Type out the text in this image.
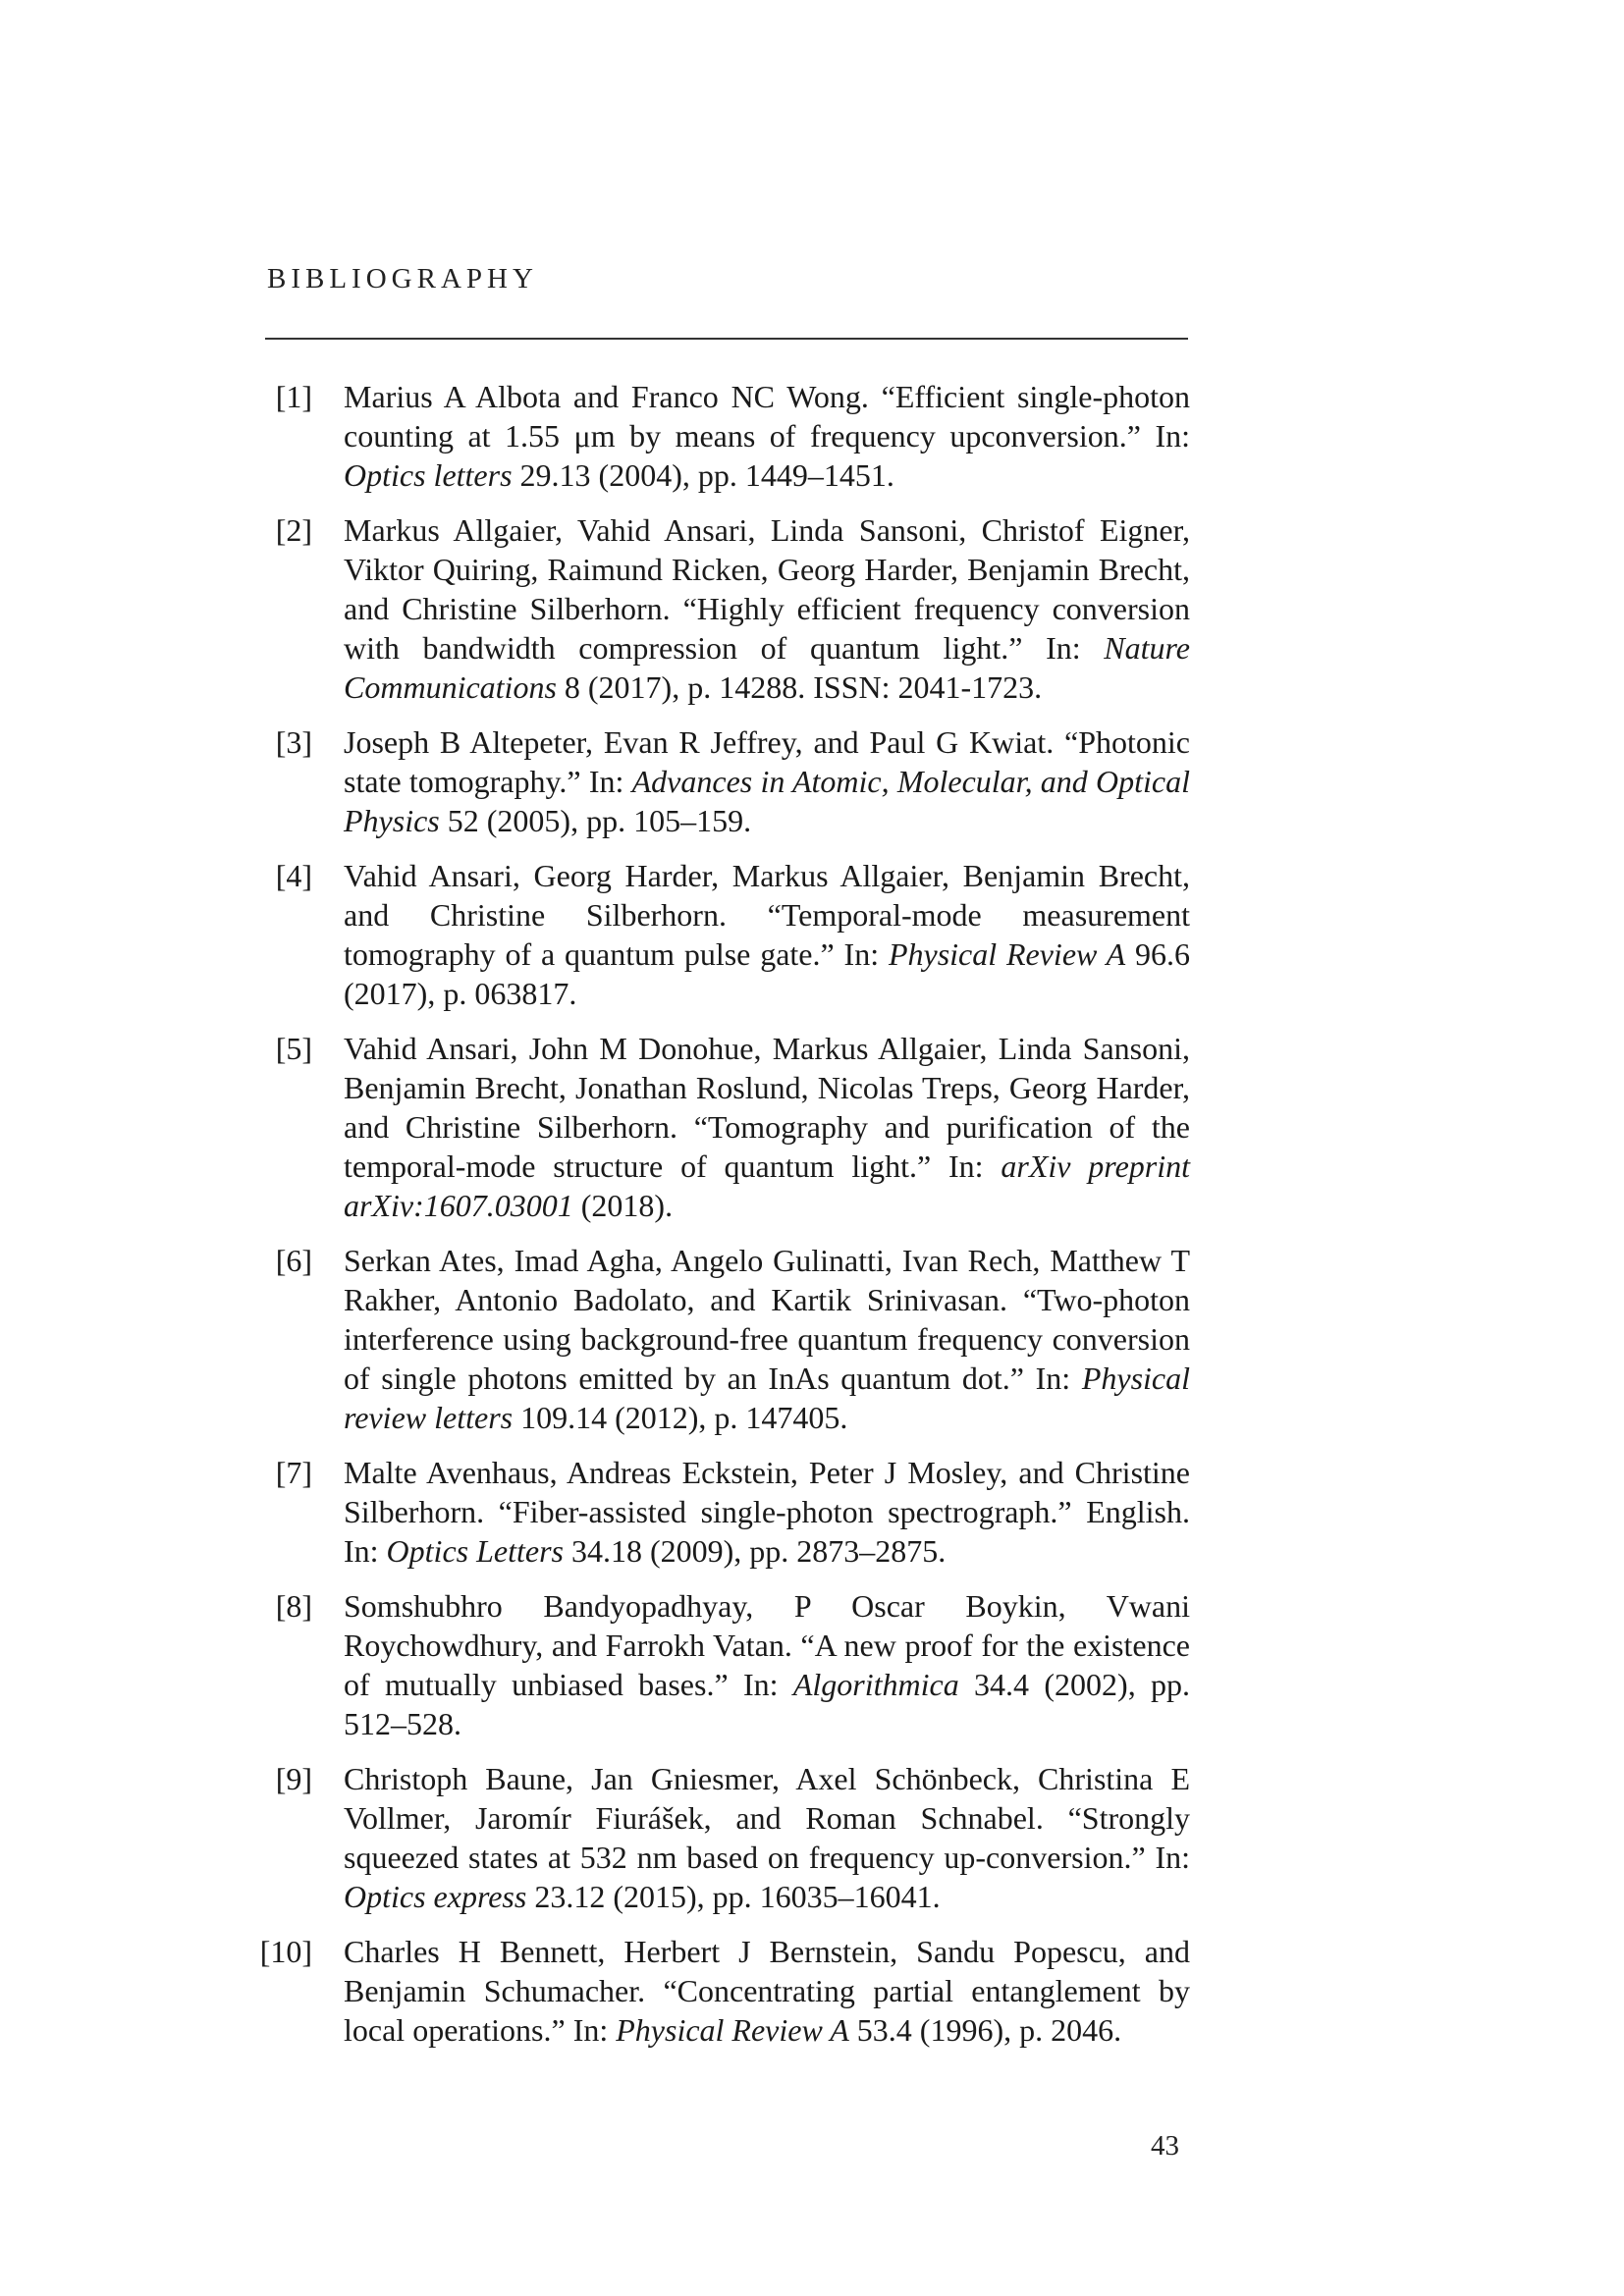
BIBLIOGRAPHY
[1]	Marius A Albota and Franco NC Wong. “Efficient single-photon counting at 1.55 μm by means of frequency upconversion.” In: Optics letters 29.13 (2004), pp. 1449–1451.
[2]	Markus Allgaier, Vahid Ansari, Linda Sansoni, Christof Eigner, Viktor Quiring, Raimund Ricken, Georg Harder, Benjamin Brecht, and Christine Silberhorn. “Highly efficient frequency conversion with bandwidth compression of quantum light.” In: Nature Communications 8 (2017), p. 14288. ISSN: 2041-1723.
[3]	Joseph B Altepeter, Evan R Jeffrey, and Paul G Kwiat. “Photonic state tomography.” In: Advances in Atomic, Molecular, and Optical Physics 52 (2005), pp. 105–159.
[4]	Vahid Ansari, Georg Harder, Markus Allgaier, Benjamin Brecht, and Christine Silberhorn. “Temporal-mode measurement tomography of a quantum pulse gate.” In: Physical Review A 96.6 (2017), p. 063817.
[5]	Vahid Ansari, John M Donohue, Markus Allgaier, Linda Sansoni, Benjamin Brecht, Jonathan Roslund, Nicolas Treps, Georg Harder, and Christine Silberhorn. “Tomography and purification of the temporal-mode structure of quantum light.” In: arXiv preprint arXiv:1607.03001 (2018).
[6]	Serkan Ates, Imad Agha, Angelo Gulinatti, Ivan Rech, Matthew T Rakher, Antonio Badolato, and Kartik Srinivasan. “Two-photon interference using background-free quantum frequency conversion of single photons emitted by an InAs quantum dot.” In: Physical review letters 109.14 (2012), p. 147405.
[7]	Malte Avenhaus, Andreas Eckstein, Peter J Mosley, and Christine Silberhorn. “Fiber-assisted single-photon spectrograph.” English. In: Optics Letters 34.18 (2009), pp. 2873–2875.
[8]	Somshubhro Bandyopadhyay, P Oscar Boykin, Vwani Roychowdhury, and Farrokh Vatan. “A new proof for the existence of mutually unbiased bases.” In: Algorithmica 34.4 (2002), pp. 512–528.
[9]	Christoph Baune, Jan Gniesmer, Axel Schönbeck, Christina E Vollmer, Jaromír Fiurášek, and Roman Schnabel. “Strongly squeezed states at 532 nm based on frequency up-conversion.” In: Optics express 23.12 (2015), pp. 16035–16041.
[10]	Charles H Bennett, Herbert J Bernstein, Sandu Popescu, and Benjamin Schumacher. “Concentrating partial entanglement by local operations.” In: Physical Review A 53.4 (1996), p. 2046.
43
